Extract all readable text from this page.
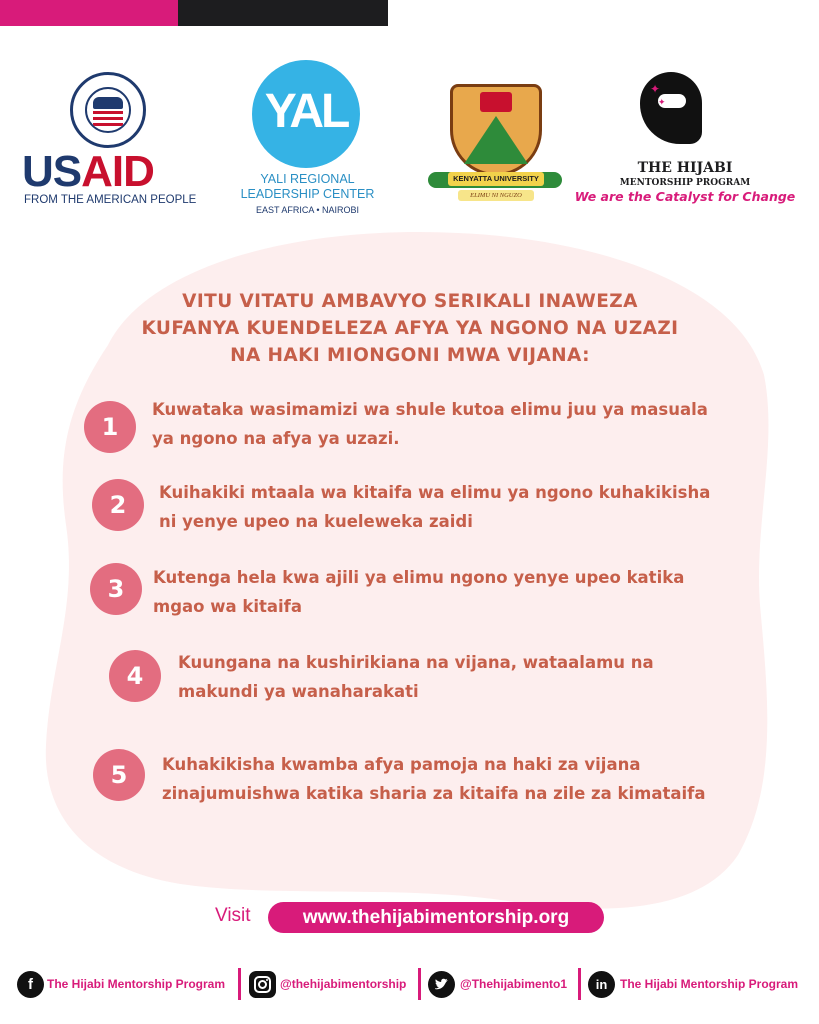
USAID
FROM THE AMERICAN PEOPLE
YAL
YALI REGIONAL
LEADERSHIP CENTER
EAST AFRICA • NAIROBI
KENYATTA UNIVERSITY
ELIMU NI NGUZO
✦
✦
THE HIJABI
MENTORSHIP PROGRAM
We are the Catalyst for Change
VITU VITATU AMBAVYO SERIKALI INAWEZA
KUFANYA KUENDELEZA AFYA YA NGONO NA UZAZI
NA HAKI MIONGONI MWA VIJANA:
1
Kuwataka wasimamizi wa shule kutoa elimu juu ya masuala
ya ngono na afya ya uzazi.
2	Kuihakiki mtaala wa kitaifa wa elimu ya ngono kuhakikisha
ni yenye upeo na kueleweka zaidi
3	Kutenga hela kwa ajili ya elimu ngono yenye upeo katika
mgao wa kitaifa
4	Kuungana na kushirikiana na vijana, wataalamu na
makundi ya wanaharakati
5	Kuhakikisha kwamba afya pamoja na haki za vijana
zinajumuishwa katika sharia za kitaifa na zile za kimataifa
Visit	www.thehijabimentorship.org
f	The Hijabi Mentorship Program	@thehijabimentorship	@Thehijabimento1	in	The Hijabi Mentorship Program
